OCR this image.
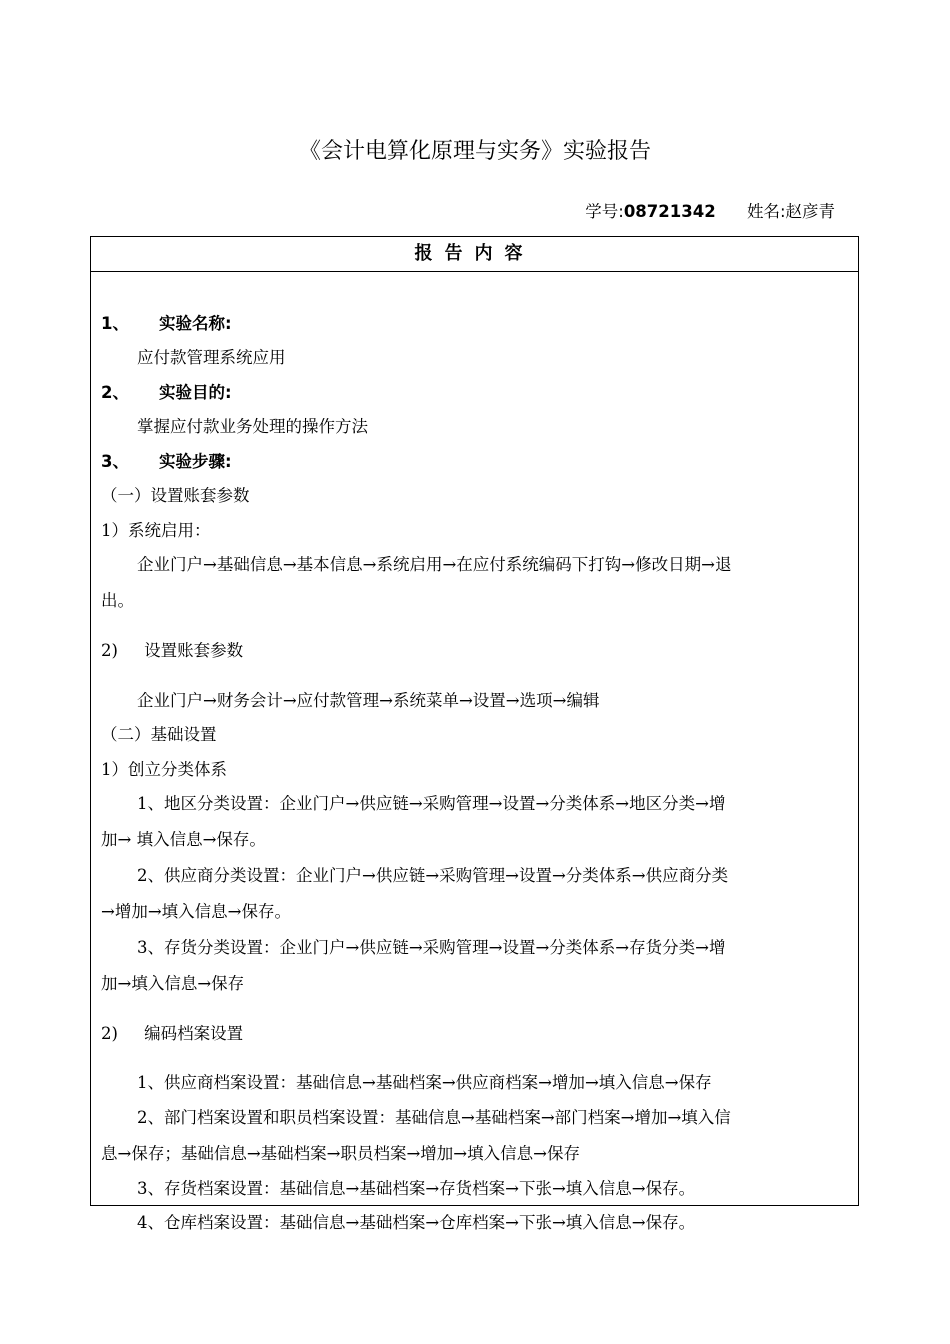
《会计电算化原理与实务》实验报告
学号:08721342 姓名:赵彦青
报告内容
1、 实验名称:
应付款管理系统应用
2、 实验目的:
掌握应付款业务处理的操作方法
3、 实验步骤:
（一）设置账套参数
1）系统启用：
企业门户→基础信息→基本信息→系统启用→在应付系统编码下打钩→修改日期→退
出。
2)     设置账套参数
企业门户→财务会计→应付款管理→系统菜单→设置→选项→编辑
（二）基础设置
1）创立分类体系
1、地区分类设置：企业门户→供应链→采购管理→设置→分类体系→地区分类→增
加→ 填入信息→保存。
2、供应商分类设置：企业门户→供应链→采购管理→设置→分类体系→供应商分类
→增加→填入信息→保存。
3、存货分类设置：企业门户→供应链→采购管理→设置→分类体系→存货分类→增
加→填入信息→保存
2)     编码档案设置
1、供应商档案设置：基础信息→基础档案→供应商档案→增加→填入信息→保存
2、部门档案设置和职员档案设置：基础信息→基础档案→部门档案→增加→填入信
息→保存；基础信息→基础档案→职员档案→增加→填入信息→保存
3、存货档案设置：基础信息→基础档案→存货档案→下张→填入信息→保存。
4、仓库档案设置：基础信息→基础档案→仓库档案→下张→填入信息→保存。
